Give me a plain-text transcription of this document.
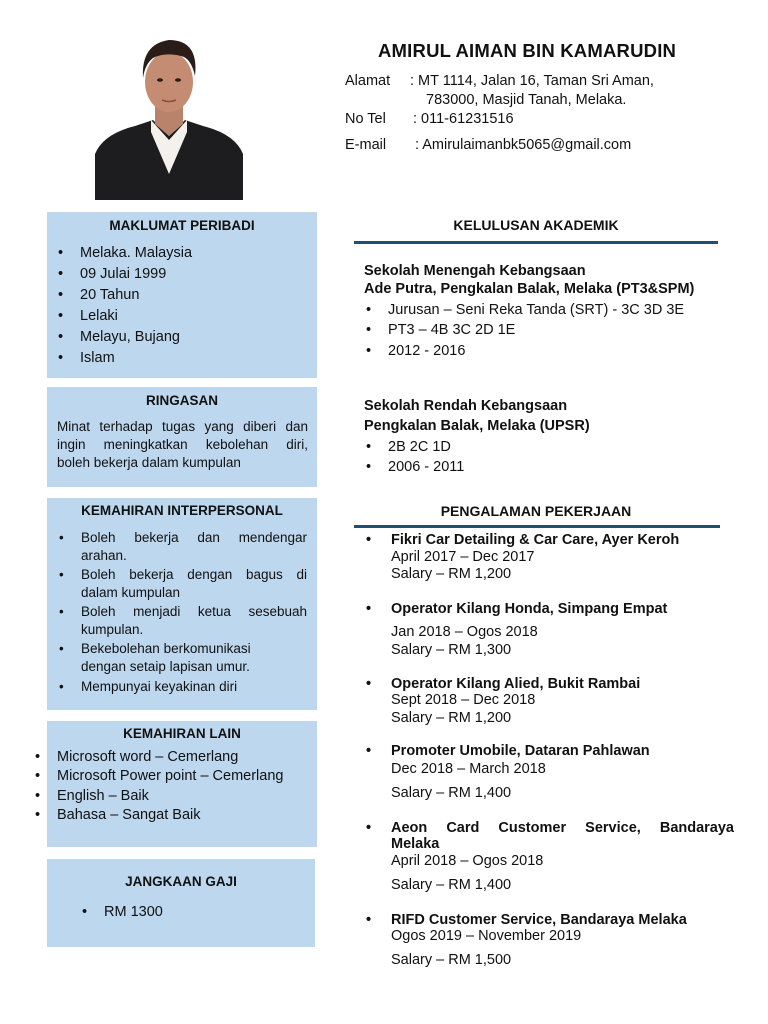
AMIRUL AIMAN BIN KAMARUDIN
Alamat : MT 1114, Jalan 16, Taman Sri Aman,
783000, Masjid Tanah, Melaka.
No Tel : 011-61231516
E-mail : Amirulaimanbk5065@gmail.com
MAKLUMAT PERIBADI
• Melaka. Malaysia
• 09 Julai 1999
• 20 Tahun
• Lelaki
• Melayu, Bujang
• Islam
RINGASAN
Minat terhadap tugas yang diberi dan
ingin meningkatkan kebolehan diri,
boleh bekerja dalam kumpulan
KEMAHIRAN INTERPERSONAL
• Boleh bekerja dan mendengar
arahan.
• Boleh bekerja dengan bagus di
dalam kumpulan
• Boleh menjadi ketua sesebuah
kumpulan.
• Bekebolehan berkomunikasi
dengan setaip lapisan umur.
• Mempunyai keyakinan diri
KEMAHIRAN LAIN
• Microsoft word – Cemerlang
• Microsoft Power point – Cemerlang
• English – Baik
• Bahasa – Sangat Baik
JANGKAAN GAJI
• RM 1300
KELULUSAN AKADEMIK
Sekolah Menengah Kebangsaan
Ade Putra, Pengkalan Balak, Melaka (PT3&SPM)
• Jurusan – Seni Reka Tanda (SRT) - 3C 3D 3E
• PT3 – 4B 3C 2D 1E
• 2012 - 2016
Sekolah Rendah Kebangsaan
Pengkalan Balak, Melaka (UPSR)
• 2B 2C 1D
• 2006 - 2011
PENGALAMAN PEKERJAAN
• Fikri Car Detailing & Car Care, Ayer Keroh
April 2017 – Dec 2017
Salary – RM 1,200
• Operator Kilang Honda, Simpang Empat
Jan 2018 – Ogos 2018
Salary – RM 1,300
• Operator Kilang Alied, Bukit Rambai
Sept 2018 – Dec 2018
Salary – RM 1,200
• Promoter Umobile, Dataran Pahlawan
Dec 2018 – March 2018
Salary – RM 1,400
• Aeon Card Customer Service, Bandaraya
Melaka
April 2018 – Ogos 2018
Salary – RM 1,400
• RIFD Customer Service, Bandaraya Melaka
Ogos 2019 – November 2019
Salary – RM 1,500
